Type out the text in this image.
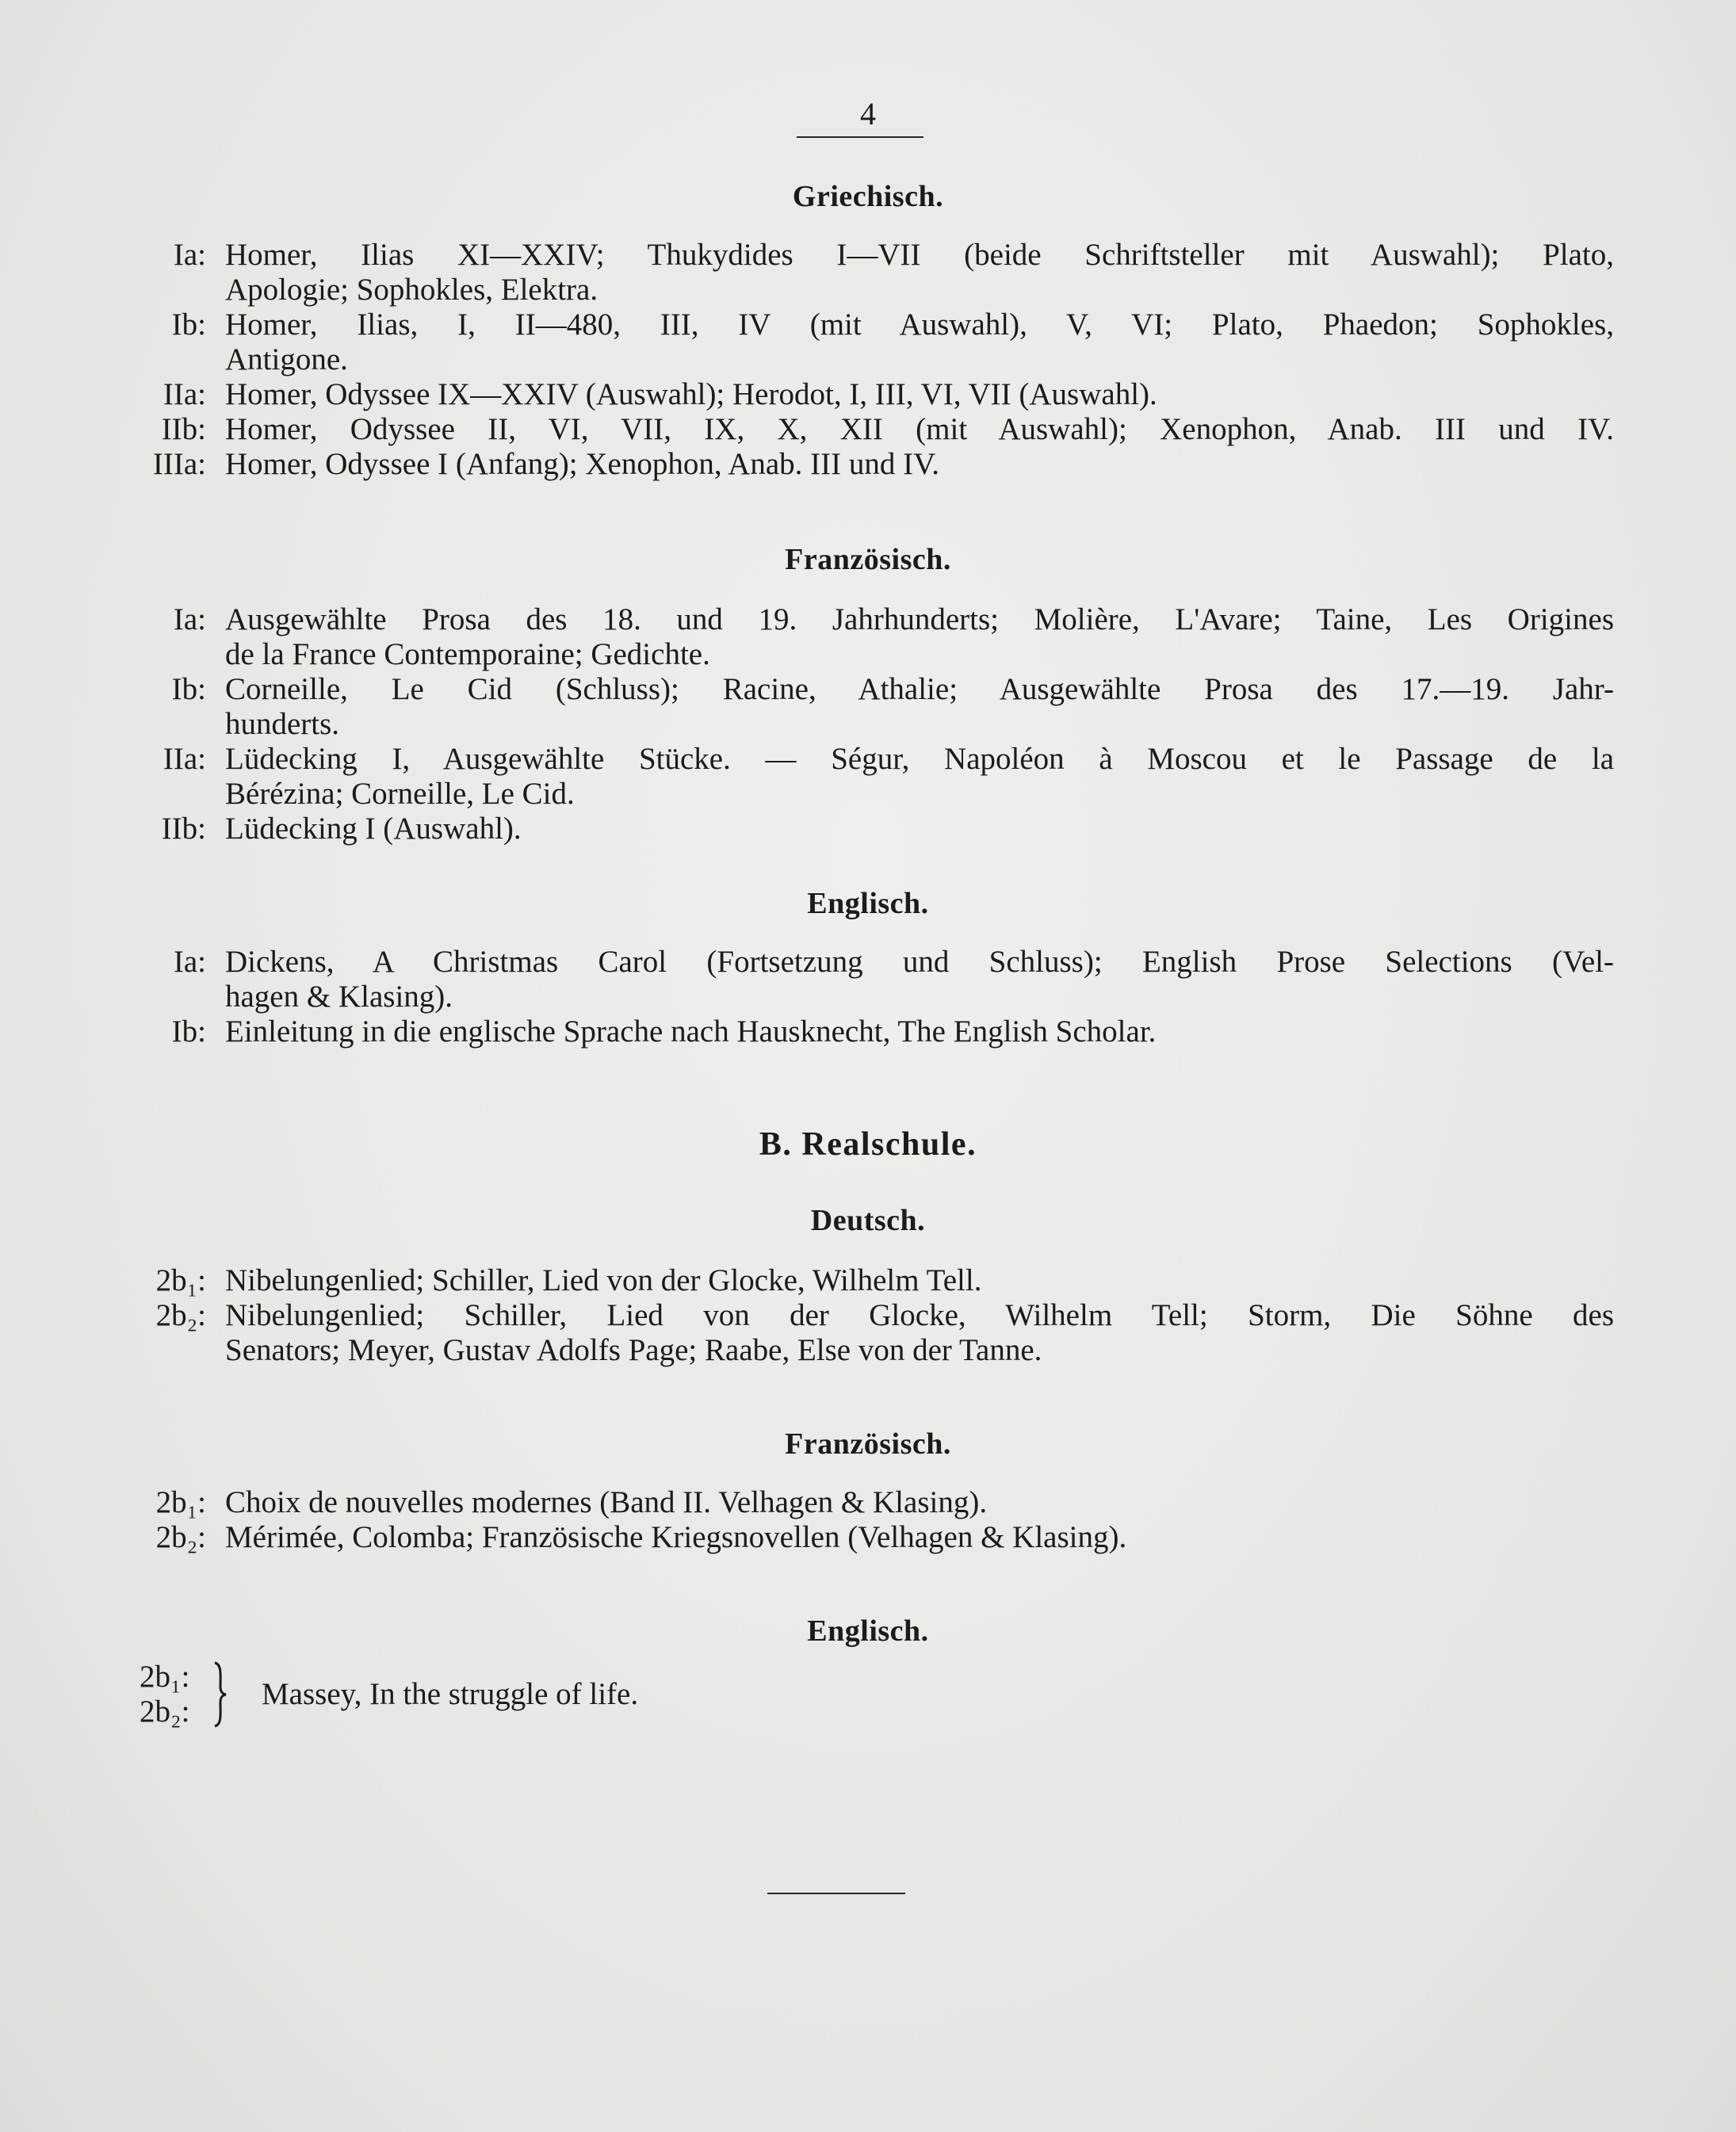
4
Griechisch.
Ia: Homer, Ilias XI—XXIV; Thukydides I—VII (beide Schriftsteller mit Auswahl); Plato,
Apologie; Sophokles, Elektra.
Ib: Homer, Ilias, I, II—480, III, IV (mit Auswahl), V, VI; Plato, Phaedon; Sophokles,
Antigone.
IIa: Homer, Odyssee IX—XXIV (Auswahl); Herodot, I, III, VI, VII (Auswahl).
IIb: Homer, Odyssee II, VI, VII, IX, X, XII (mit Auswahl); Xenophon, Anab. III und IV.
IIIa: Homer, Odyssee I (Anfang); Xenophon, Anab. III und IV.
Französisch.
Ia: Ausgewählte Prosa des 18. und 19. Jahrhunderts; Molière, L'Avare; Taine, Les Origines
de la France Contemporaine; Gedichte.
Ib: Corneille, Le Cid (Schluss); Racine, Athalie; Ausgewählte Prosa des 17.—19. Jahr-
hunderts.
IIa: Lüdecking I, Ausgewählte Stücke. — Ségur, Napoléon à Moscou et le Passage de la
Bérézina; Corneille, Le Cid.
IIb: Lüdecking I (Auswahl).
Englisch.
Ia: Dickens, A Christmas Carol (Fortsetzung und Schluss); English Prose Selections (Vel-
hagen & Klasing).
Ib: Einleitung in die englische Sprache nach Hausknecht, The English Scholar.
B. Realschule.
Deutsch.
2b₁: Nibelungenlied; Schiller, Lied von der Glocke, Wilhelm Tell.
2b₂: Nibelungenlied; Schiller, Lied von der Glocke, Wilhelm Tell; Storm, Die Söhne des
Senators; Meyer, Gustav Adolfs Page; Raabe, Else von der Tanne.
Französisch.
2b₁: Choix de nouvelles modernes (Band II. Velhagen & Klasing).
2b₂: Mérimée, Colomba; Französische Kriegsnovellen (Velhagen & Klasing).
Englisch.
2b₁:
2b₂:
Massey, In the struggle of life.
